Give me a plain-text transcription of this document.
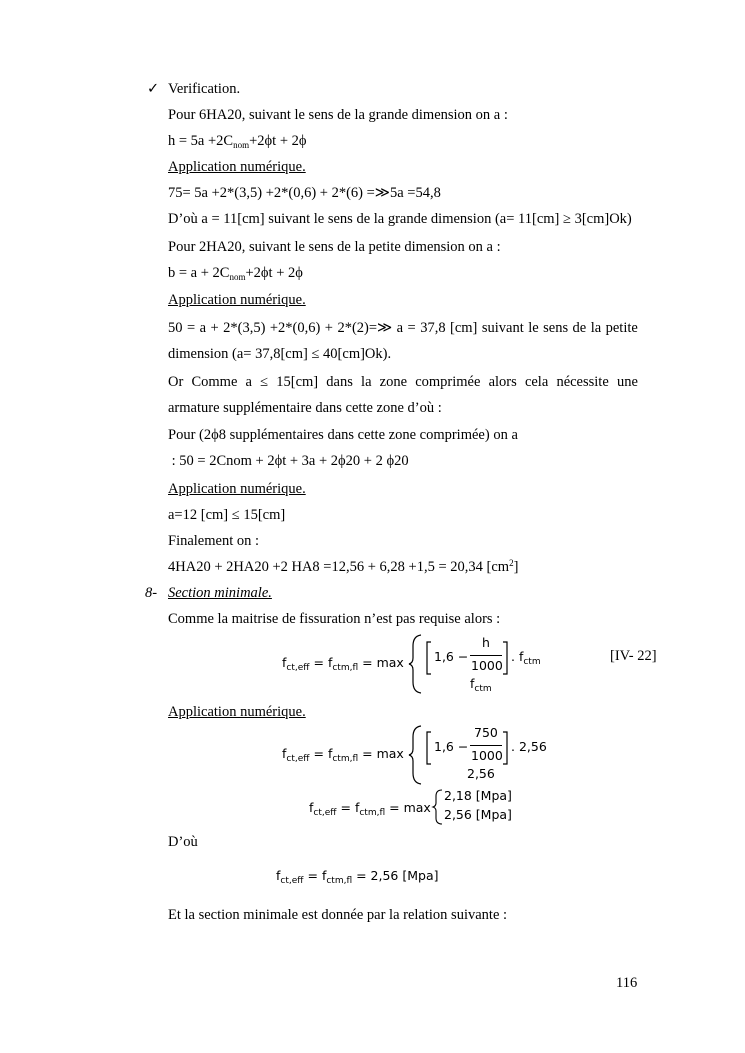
✓ Verification.
Pour 6HA20, suivant le sens de la grande dimension on a :
$h = 5a +2C_{nom}+2\phi t + 2\phi$
Application numérique.
75= 5a +2*(3,5) +2*(0,6) + 2*(6) =≫5a =54,8
D’où a = 11[cm] suivant le sens de la grande dimension (a= 11[cm] ≥ 3[cm]Ok)
Pour 2HA20, suivant le sens de la petite dimension on a :
$b = a + 2C_{nom}+2\phi t + 2\phi$
Application numérique.
50 = a + 2*(3,5) +2*(0,6) + 2*(2)=≫ a = 37,8 [cm] suivant le sens de la petite
dimension (a= 37,8[cm] ≤ 40[cm]Ok).
Or Comme a ≤ 15[cm] dans la zone comprimée alors cela nécessite une
armature supplémentaire dans cette zone d’où :
Pour (2ϕ8 supplémentaires dans cette zone comprimée) on a
: 50 = 2Cnom + 2ϕt + 3a + 2ϕ20 + 2 ϕ20
Application numérique.
a=12 [cm] ≤ 15[cm]
Finalement on :
4HA20 + 2HA20 +2 HA8 =12,56 + 6,28 +1,5 = 20,34 $[cm^2]$
8- Section minimale.
Comme la maitrise de fissuration n’est pas requise alors :
$f_{ct,eff} = f_{ctm,fl} = \max 1,6$ −
h
1000
. $f_{ctm}$
$f_{ctm}$
[IV- 22]
Application numérique.
$f_{ct,eff} = f_{ctm,fl} = \max 1,6$ −
750
1000
. 2,56
2,56
$f_{ct,eff} = f_{ctm,fl} = \max$
2,18 [Mpa]
2,56 [Mpa]
D’où
$f_{ct,eff} = f_{ctm,fl} = 2,56$ [Mpa]
Et la section minimale est donnée par la relation suivante :
116
